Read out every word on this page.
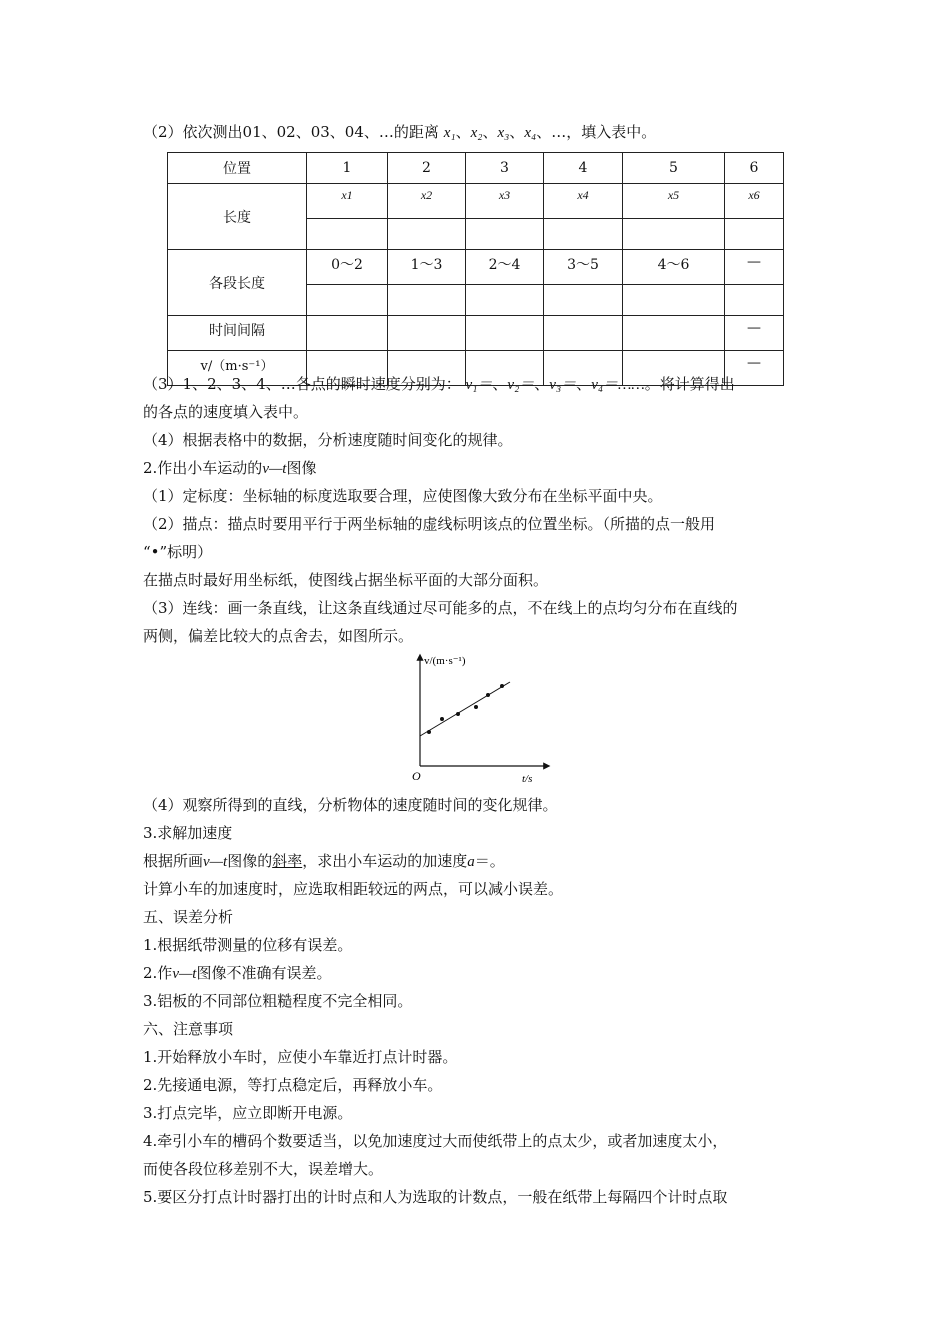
（2）依次测出01、02、03、04、…的距离 x₁、x₂、x₃、x₄、…，填入表中。
位置	1	2	3	4	5	6
长度	x1	x2	x3	x4	x5	x6

各段长度	0～2	1～3	2～4	3～5	4～6	—

时间间隔						—
v/（m·s⁻¹）						—
（3）1、2、3、4、…各点的瞬时速度分别为： v₁＝、v₂＝、v₃＝、v₄＝……。将计算得出
的各点的速度填入表中。
（4）根据表格中的数据，分析速度随时间变化的规律。
2.作出小车运动的v—t图像
（1）定标度：坐标轴的标度选取要合理，应使图像大致分布在坐标平面中央。
（2）描点：描点时要用平行于两坐标轴的虚线标明该点的位置坐标。（所描的点一般用
“•”标明）
在描点时最好用坐标纸，使图线占据坐标平面的大部分面积。
（3）连线：画一条直线，让这条直线通过尽可能多的点，不在线上的点均匀分布在直线的
两侧，偏差比较大的点舍去，如图所示。
v/(m·s⁻¹)
t/s
O
（4）观察所得到的直线，分析物体的速度随时间的变化规律。
3.求解加速度
根据所画v—t图像的斜率，求出小车运动的加速度a＝。
计算小车的加速度时，应选取相距较远的两点，可以减小误差。
五、误差分析
1.根据纸带测量的位移有误差。
2.作v—t图像不准确有误差。
3.铝板的不同部位粗糙程度不完全相同。
六、注意事项
1.开始释放小车时，应使小车靠近打点计时器。
2.先接通电源，等打点稳定后，再释放小车。
3.打点完毕，应立即断开电源。
4.牵引小车的槽码个数要适当，以免加速度过大而使纸带上的点太少，或者加速度太小，
而使各段位移差别不大，误差增大。
5.要区分打点计时器打出的计时点和人为选取的计数点，一般在纸带上每隔四个计时点取
